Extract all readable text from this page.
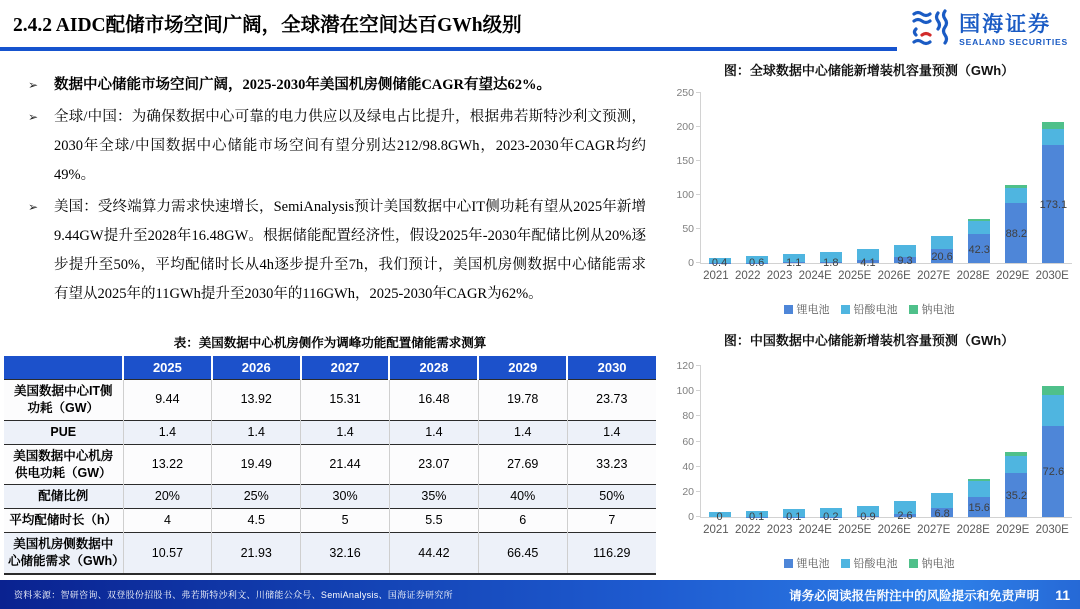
2.4.2 AIDC配储市场空间广阔，全球潜在空间达百GWh级别	国海证券
SEALAND SECURITIES
➢ 数据中心储能市场空间广阔，2025-2030年美国机房侧储能CAGR有望达62%。
➢ 全球/中国：为确保数据中心可靠的电力供应以及绿电占比提升，根据弗若斯特沙利文预测，2030年全球/中国数据中心储能市场空间有望分别达212/98.8GWh，2023-2030年CAGR均约49%。
➢ 美国：受终端算力需求快速增长，SemiAnalysis预计美国数据中心IT侧功耗有望从2025年新增9.44GW提升至2028年16.48GW。根据储能配置经济性，假设2025年-2030年配储比例从20%逐步提升至50%，平均配储时长从4h逐步提升至7h，我们预计，美国机房侧数据中心储能需求有望从2025年的11GWh提升至2030年的116GWh，2025-2030年CAGR为62%。
表：美国数据中心机房侧作为调峰功能配置储能需求测算
	2025	2026	2027	2028	2029	2030
美国数据中心IT侧功耗（GW）	9.44	13.92	15.31	16.48	19.78	23.73
PUE	1.4	1.4	1.4	1.4	1.4	1.4
美国数据中心机房供电功耗（GW）	13.22	19.49	21.44	23.07	27.69	33.23
配储比例	20%	25%	30%	35%	40%	50%
平均配储时长（h）	4	4.5	5	5.5	6	7
美国机房侧数据中心储能需求（GWh）	10.57	21.93	32.16	44.42	66.45	116.29
图：全球数据中心储能新增装机容量预测（GWh）
0
50
100
150
200
250
0.4	0.6	1.1	1.8	4.1	9.3	20.6
42.3
88.2
173.1
2021 2022 2023 2024E 2025E 2026E 2027E 2028E 2029E 2030E
锂电池 铅酸电池 钠电池
图：中国数据中心储能新增装机容量预测（GWh）
0
20
40
60
80
100
120
0	0.1	0.1	0.2	0.9	2.6	6.8	15.6
35.2
72.6
2021 2022 2023 2024E 2025E 2026E 2027E 2028E 2029E 2030E
锂电池 铅酸电池 钠电池
资料来源：智研咨询、双登股份招股书、弗若斯特沙利文、川储能公众号、SemiAnalysis、国海证券研究所	请务必阅读报告附注中的风险提示和免责声明 11
